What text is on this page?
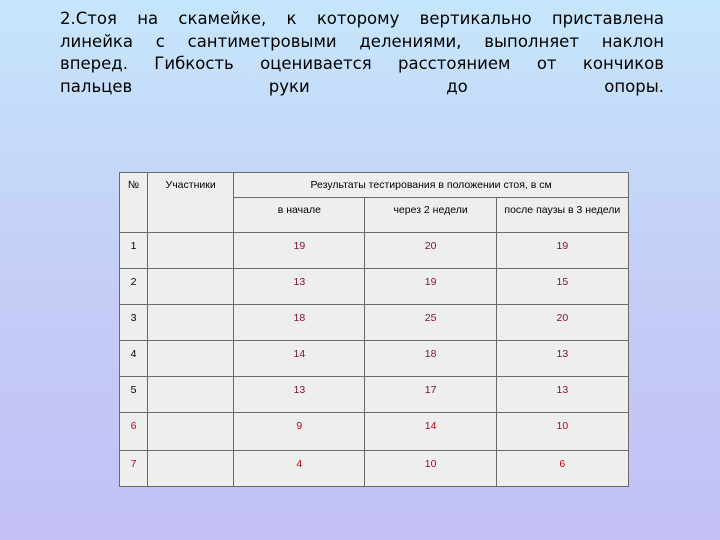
2.Стоя на скамейке, к которому вертикально приставлена
линейка с сантиметровыми делениями, выполняет наклон
вперед. Гибкость оценивается расстоянием от кончиков
пальцев руки до опоры.
№	Участники	Результаты тестирования в положении стоя, в см		
		в начале	через 2 недели	после паузы в 3 недели
1		19	20	19
2		13	19	15
3		18	25	20
4		14	18	13
5		13	17	13
6		9	14	10
7		4	10	6
